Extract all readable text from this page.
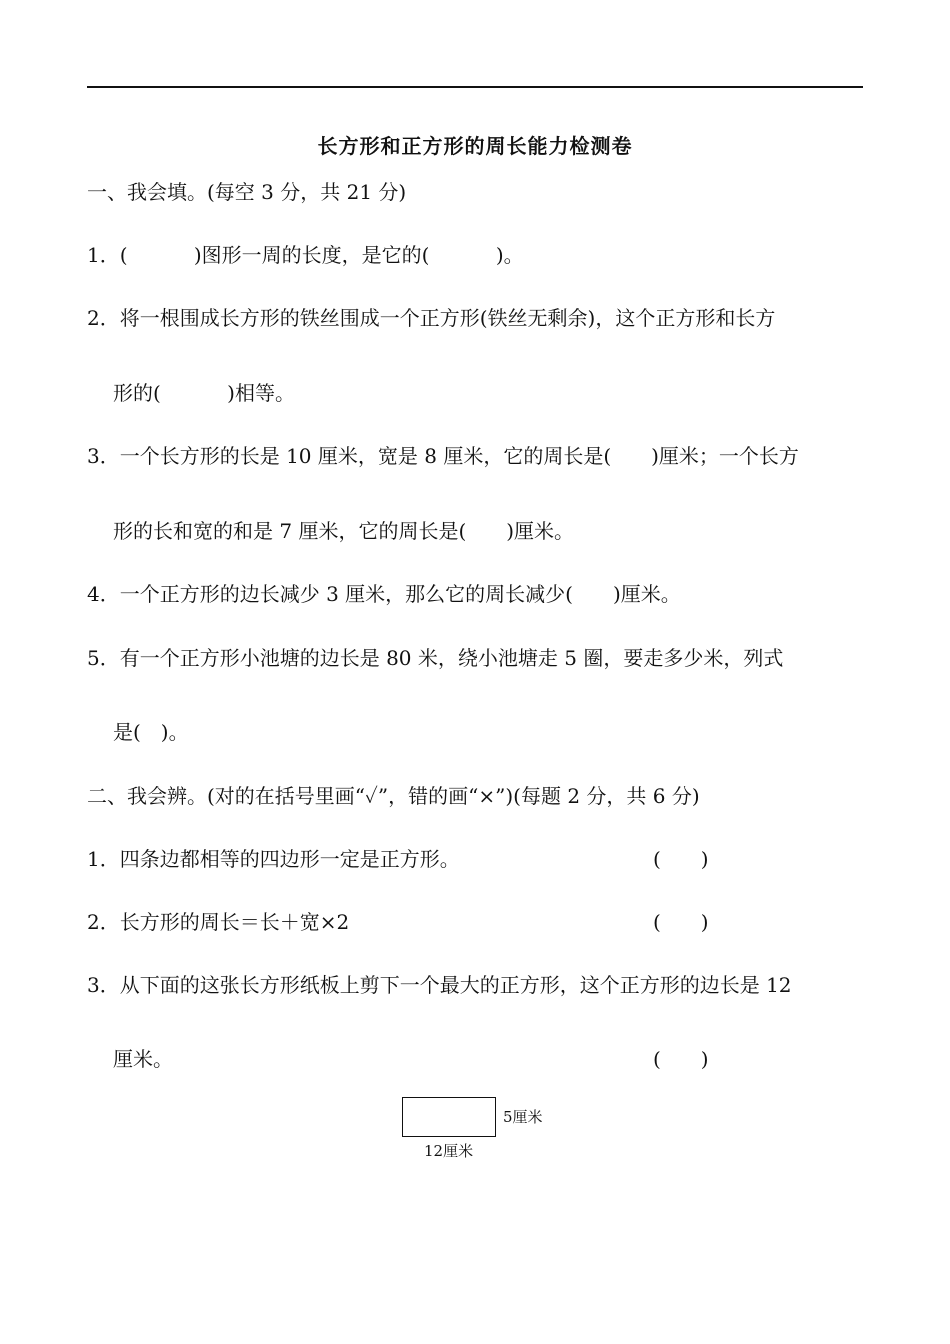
长方形和正方形的周长能力检测卷
一、我会填。(每空 3 分，共 21 分)
1．(　　　 )图形一周的长度，是它的(　　　 )。
2．将一根围成长方形的铁丝围成一个正方形(铁丝无剩余)，这个正方形和长方
形的(　　　 )相等。
3．一个长方形的长是 10 厘米，宽是 8 厘米，它的周长是(　　)厘米；一个长方
形的长和宽的和是 7 厘米，它的周长是(　　)厘米。
4．一个正方形的边长减少 3 厘米，那么它的周长减少(　　)厘米。
5．有一个正方形小池塘的边长是 80 米，绕小池塘走 5 圈，要走多少米，列式
是(　)。
二、我会辨。(对的在括号里画“✓”，错的画“×”)(每题 2 分，共 6 分)
1．四条边都相等的四边形一定是正方形。	(　　)
2．长方形的周长＝长＋宽×2	(　　)
3．从下面的这张长方形纸板上剪下一个最大的正方形，这个正方形的边长是 12
厘米。	(　　)
5厘米
12厘米
